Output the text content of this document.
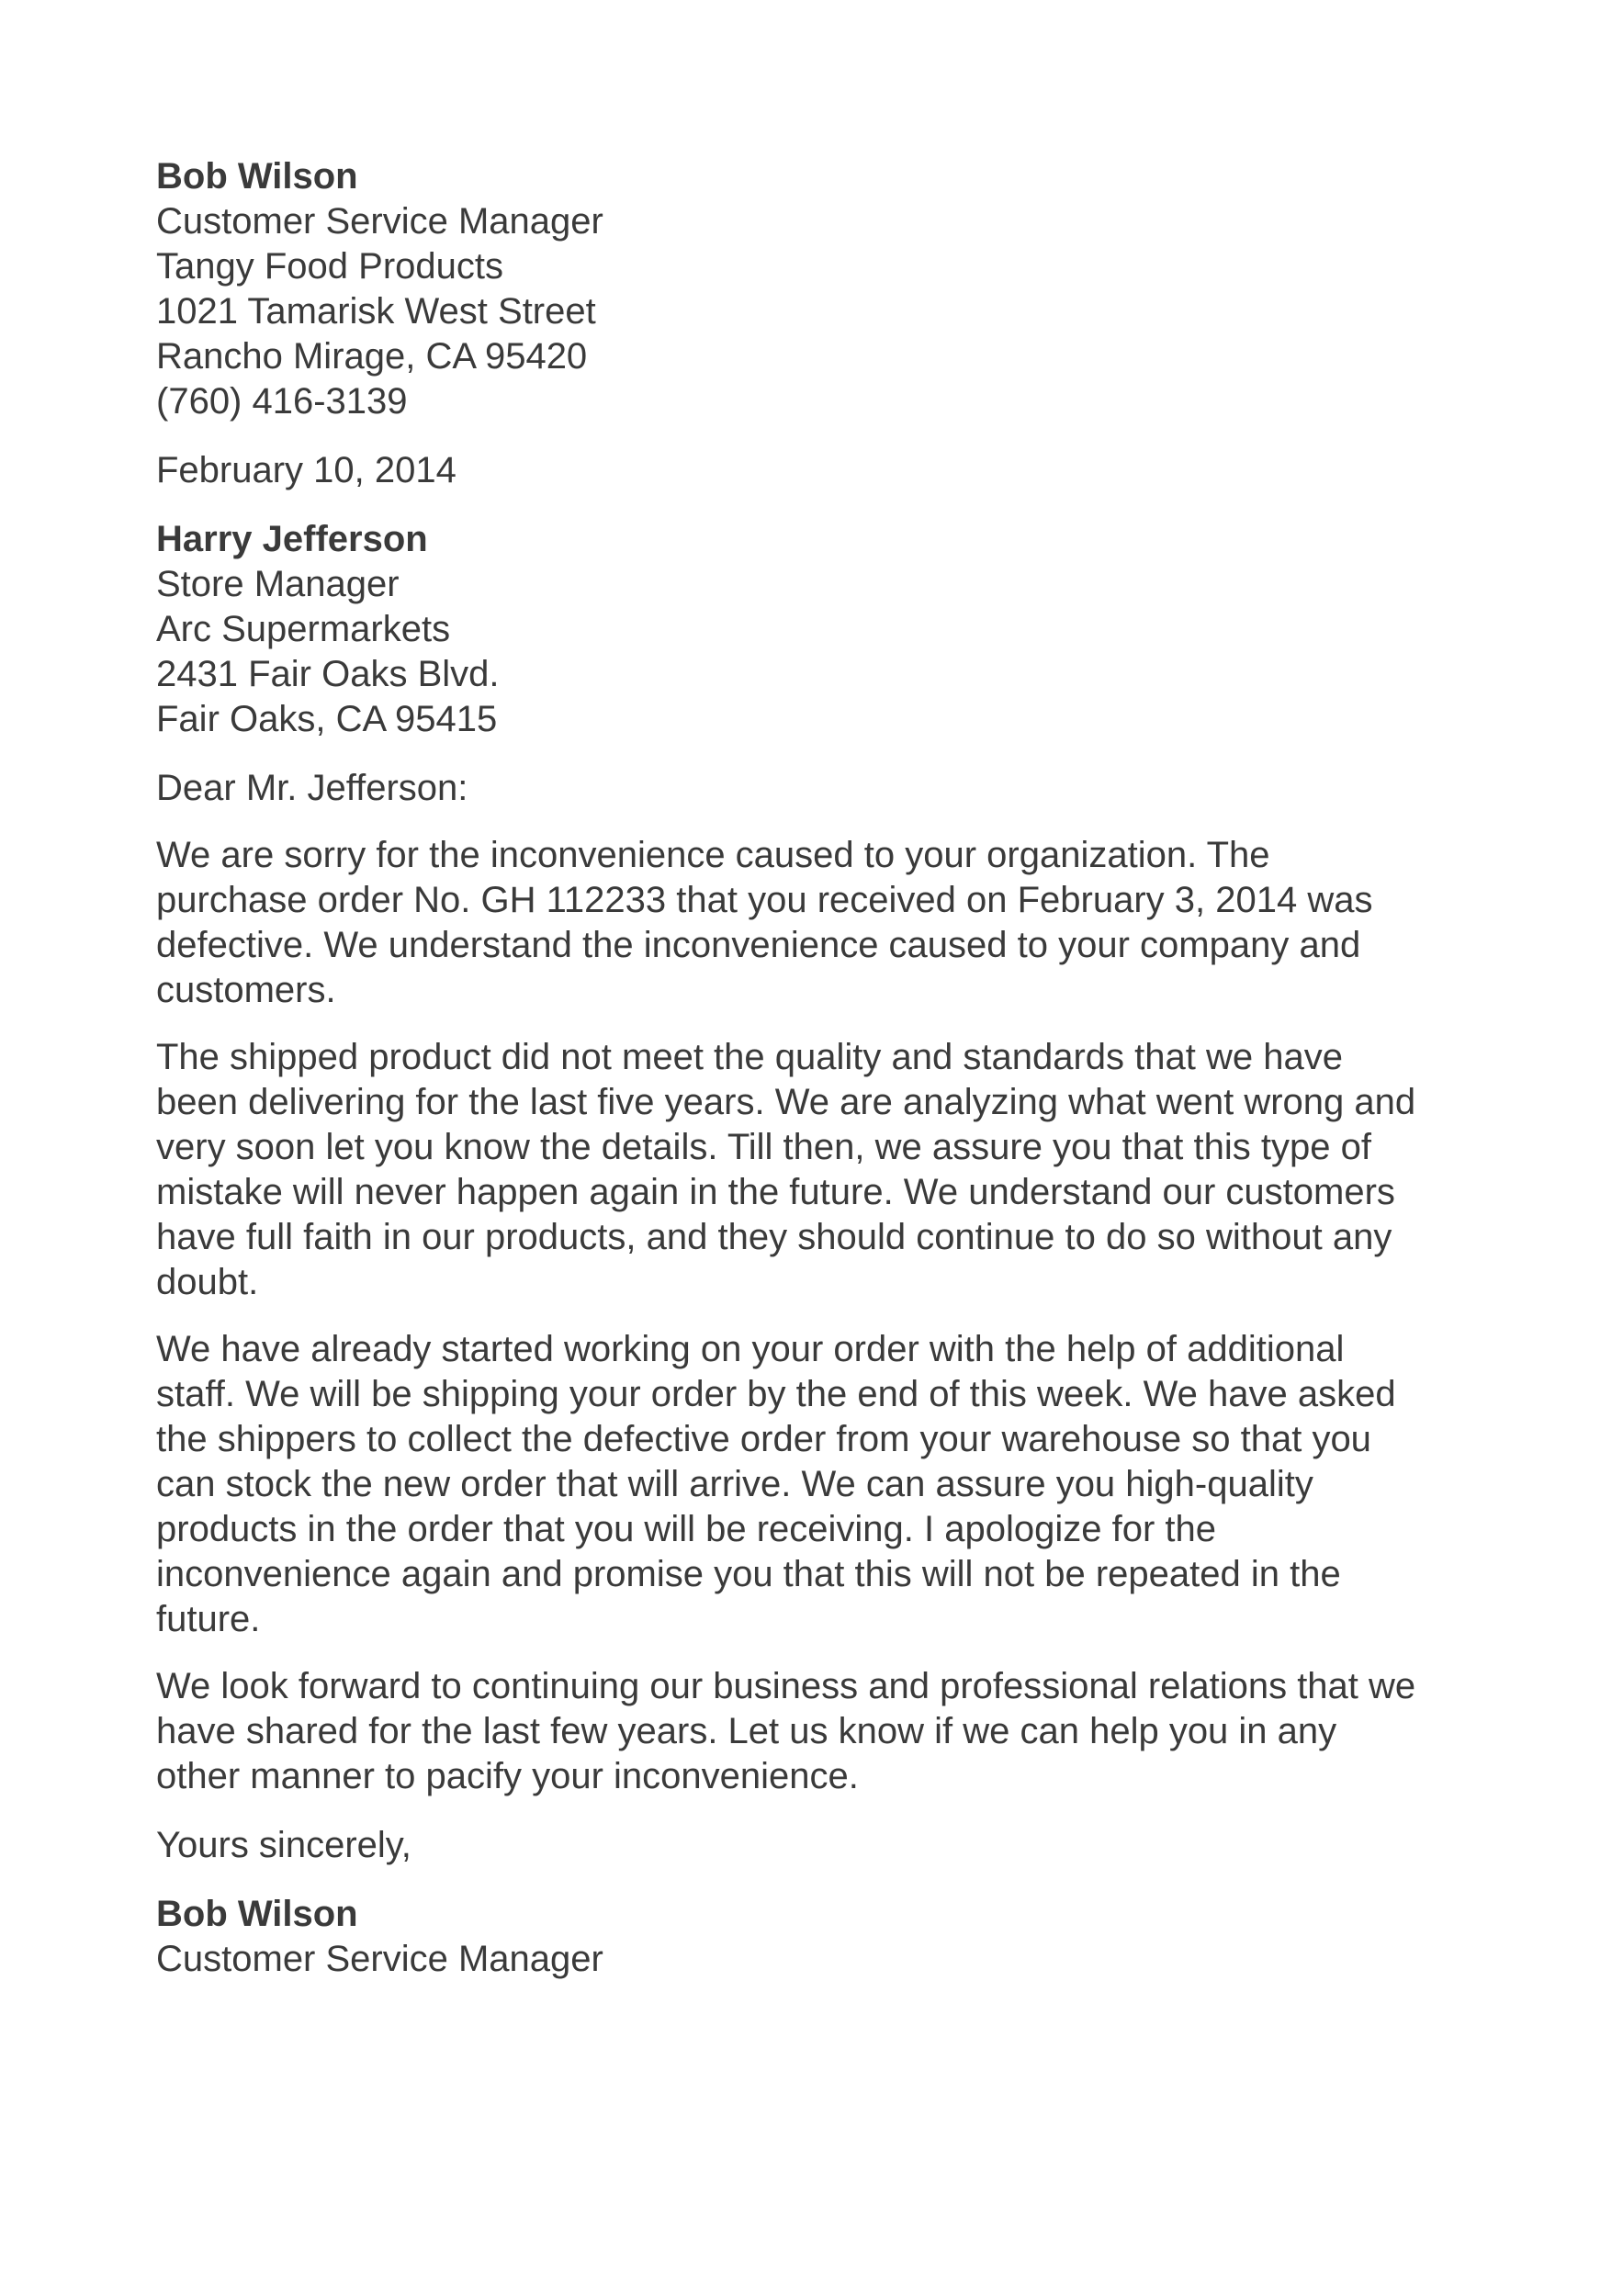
Bob Wilson
Customer Service Manager
Tangy Food Products
1021 Tamarisk West Street
Rancho Mirage, CA 95420
(760) 416-3139
February 10, 2014
Harry Jefferson
Store Manager
Arc Supermarkets
2431 Fair Oaks Blvd.
Fair Oaks, CA 95415
Dear Mr. Jefferson:
We are sorry for the inconvenience caused to your organization. The
purchase order No. GH 112233 that you received on February 3, 2014 was
defective. We understand the inconvenience caused to your company and
customers.
The shipped product did not meet the quality and standards that we have
been delivering for the last five years. We are analyzing what went wrong and
very soon let you know the details. Till then, we assure you that this type of
mistake will never happen again in the future. We understand our customers
have full faith in our products, and they should continue to do so without any
doubt.
We have already started working on your order with the help of additional
staff. We will be shipping your order by the end of this week. We have asked
the shippers to collect the defective order from your warehouse so that you
can stock the new order that will arrive. We can assure you high-quality
products in the order that you will be receiving. I apologize for the
inconvenience again and promise you that this will not be repeated in the
future.
We look forward to continuing our business and professional relations that we
have shared for the last few years. Let us know if we can help you in any
other manner to pacify your inconvenience.
Yours sincerely,
Bob Wilson
Customer Service Manager
